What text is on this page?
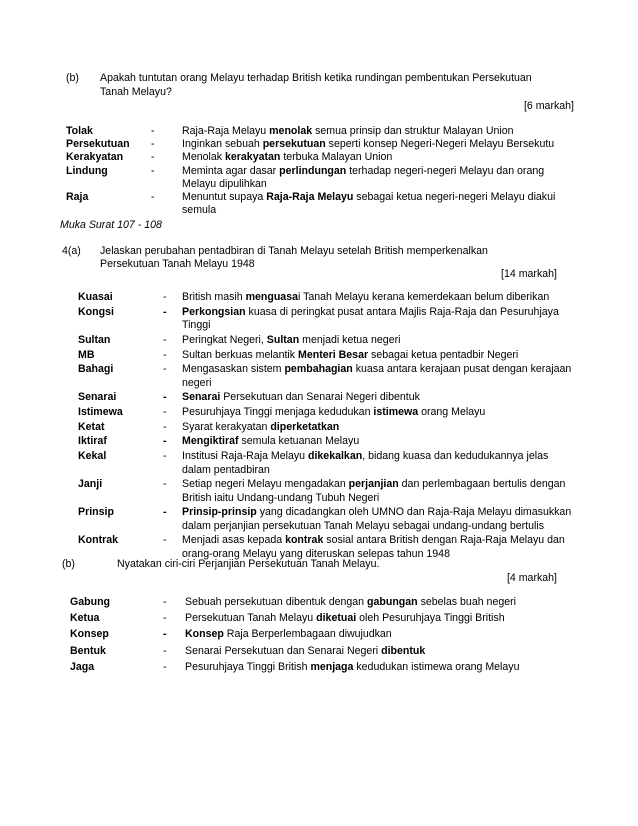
(b) Apakah tuntutan orang Melayu terhadap British ketika rundingan pembentukan Persekutuan
Tanah Melayu?
[6 markah]
Tolak	-	Raja-Raja Melayu menolak semua prinsip dan struktur Malayan Union
Persekutuan -	Inginkan sebuah persekutuan seperti konsep Negeri-Negeri Melayu Bersekutu
Kerakyatan	-	Menolak kerakyatan terbuka Malayan Union
Lindung	-	Meminta agar dasar perlindungan terhadap negeri-negeri Melayu dan orang
Melayu dipulihkan
Raja	-	Menuntut supaya Raja-Raja Melayu sebagai ketua negeri-negeri Melayu diakui
semula
Muka Surat 107 - 108
4(a) Jelaskan perubahan pentadbiran di Tanah Melayu setelah British memperkenalkan
Persekutuan Tanah Melayu 1948
[14 markah]
Kuasai	- British masih menguasai Tanah Melayu kerana kemerdekaan belum diberikan
Kongsi	- Perkongsian kuasa di peringkat pusat antara Majlis Raja-Raja dan Pesuruhjaya
Tinggi
Sultan	- Peringkat Negeri, Sultan menjadi ketua negeri
MB	- Sultan berkuas melantik Menteri Besar sebagai ketua pentadbir Negeri
Bahagi	- Mengasaskan sistem pembahagian kuasa antara kerajaan pusat dengan kerajaan
negeri
Senarai	- Senarai Persekutuan dan Senarai Negeri dibentuk
Istimewa	- Pesuruhjaya Tinggi menjaga kedudukan istimewa orang Melayu
Ketat	- Syarat kerakyatan diperketatkan
Iktiraf	- Mengiktiraf semula ketuanan Melayu
Kekal	- Institusi Raja-Raja Melayu dikekalkan, bidang kuasa dan kedudukannya jelas
dalam pentadbiran
Janji	- Setiap negeri Melayu mengadakan perjanjian dan perlembagaan bertulis dengan
British iaitu Undang-undang Tubuh Negeri
Prinsip	- Prinsip-prinsip yang dicadangkan oleh UMNO dan Raja-Raja Melayu dimasukkan
dalam perjanjian persekutuan Tanah Melayu sebagai undang-undang bertulis
Kontrak	- Menjadi asas kepada kontrak sosial antara British dengan Raja-Raja Melayu dan
orang-orang Melayu yang diteruskan selepas tahun 1948
(b)	Nyatakan ciri-ciri Perjanjian Persekutuan Tanah Melayu.
[4 markah]
Gabung	- Sebuah persekutuan dibentuk dengan gabungan sebelas buah negeri
Ketua	- Persekutuan Tanah Melayu diketuai oleh Pesuruhjaya Tinggi British
Konsep	- Konsep Raja Berperlembagaan diwujudkan
Bentuk	- Senarai Persekutuan dan Senarai Negeri dibentuk
Jaga	- Pesuruhjaya Tinggi British menjaga kedudukan istimewa orang Melayu
